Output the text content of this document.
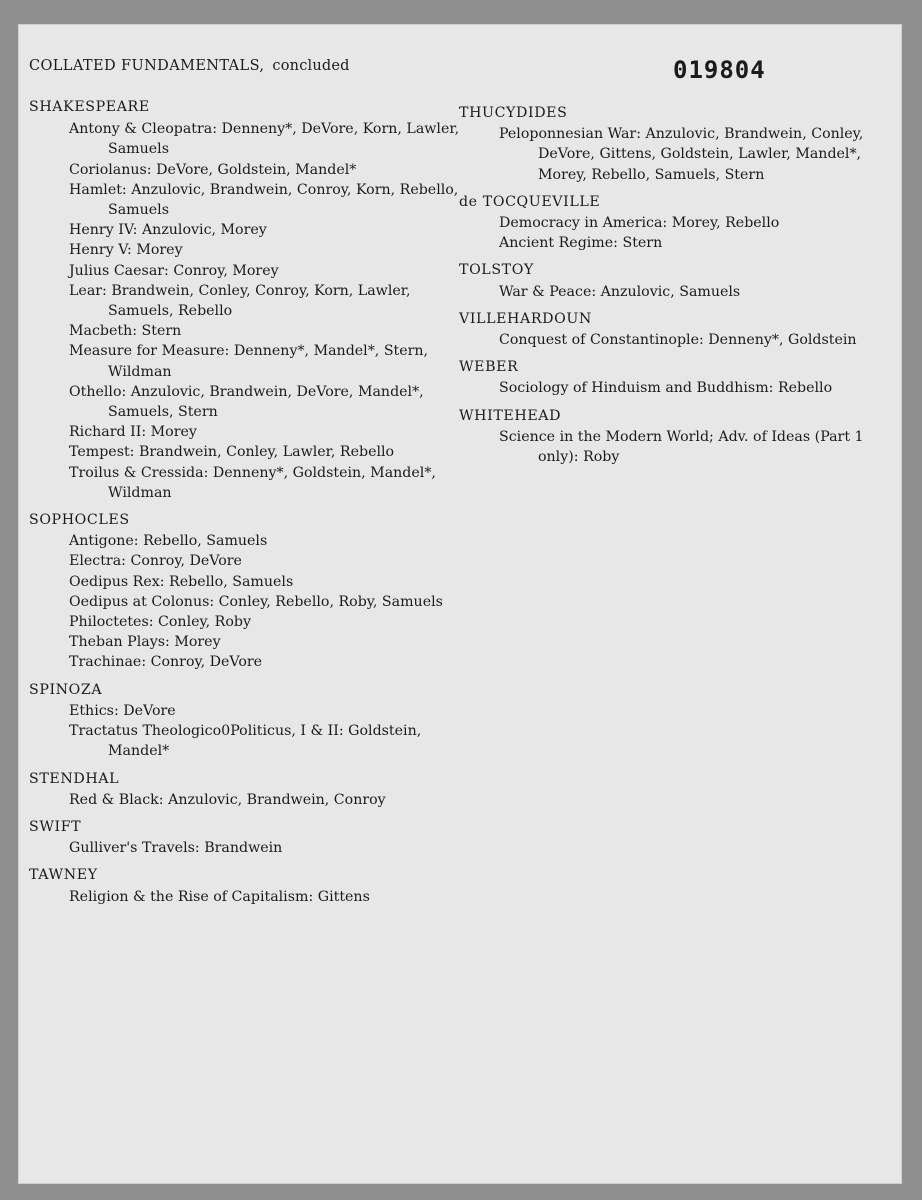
COLLATED FUNDAMENTALS, concluded	019804
SHAKESPEARE
Antony & Cleopatra: Denneny*, DeVore, Korn, Lawler, Samuels
Coriolanus: DeVore, Goldstein, Mandel*
Hamlet: Anzulovic, Brandwein, Conroy, Korn, Rebello, Samuels
Henry IV: Anzulovic, Morey
Henry V: Morey
Julius Caesar: Conroy, Morey
Lear: Brandwein, Conley, Conroy, Korn, Lawler, Samuels, Rebello
Macbeth: Stern
Measure for Measure: Denneny*, Mandel*, Stern, Wildman
Othello: Anzulovic, Brandwein, DeVore, Mandel*, Samuels, Stern
Richard II: Morey
Tempest: Brandwein, Conley, Lawler, Rebello
Troilus & Cressida: Denneny*, Goldstein, Mandel*, Wildman
SOPHOCLES
Antigone: Rebello, Samuels
Electra: Conroy, DeVore
Oedipus Rex: Rebello, Samuels
Oedipus at Colonus: Conley, Rebello, Roby, Samuels
Philoctetes: Conley, Roby
Theban Plays: Morey
Trachinae: Conroy, DeVore
SPINOZA
Ethics: DeVore
Tractatus Theologico0Politicus, I & II: Goldstein, Mandel*
STENDHAL
Red & Black: Anzulovic, Brandwein, Conroy
SWIFT
Gulliver's Travels: Brandwein
TAWNEY
Religion & the Rise of Capitalism: Gittens
THUCYDIDES
Peloponnesian War: Anzulovic, Brandwein, Conley, DeVore, Gittens, Goldstein, Lawler, Mandel*, Morey, Rebello, Samuels, Stern
de TOCQUEVILLE
Democracy in America: Morey, Rebello
Ancient Regime: Stern
TOLSTOY
War & Peace: Anzulovic, Samuels
VILLEHARDOUN
Conquest of Constantinople: Denneny*, Goldstein
WEBER
Sociology of Hinduism and Buddhism: Rebello
WHITEHEAD
Science in the Modern World; Adv. of Ideas (Part 1 only): Roby
